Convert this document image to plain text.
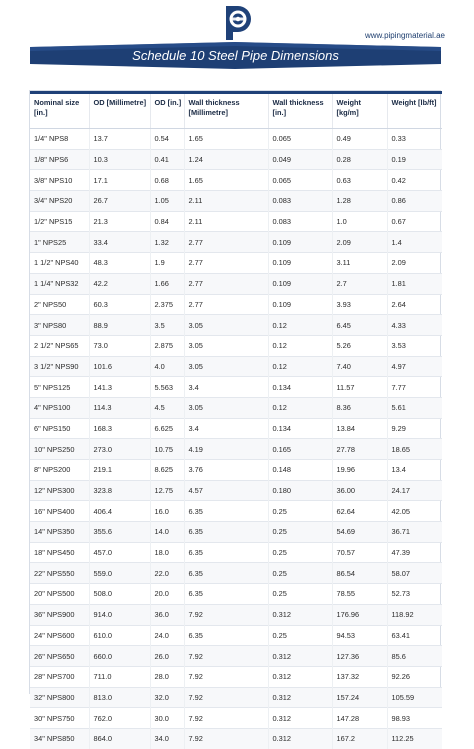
www.pipingmaterial.ae
Schedule 10 Steel Pipe Dimensions
Nominal size [in.]	OD [Millimetre]	OD [in.]	Wall thickness [Millimetre]	Wall thickness [in.]	Weight [kg/m]	Weight [lb/ft]
1/4" NPS8	13.7	0.54	1.65	0.065	0.49	0.33
1/8" NPS6	10.3	0.41	1.24	0.049	0.28	0.19
3/8" NPS10	17.1	0.68	1.65	0.065	0.63	0.42
3/4" NPS20	26.7	1.05	2.11	0.083	1.28	0.86
1/2" NPS15	21.3	0.84	2.11	0.083	1.0	0.67
1" NPS25	33.4	1.32	2.77	0.109	2.09	1.4
1 1/2" NPS40	48.3	1.9	2.77	0.109	3.11	2.09
1 1/4" NPS32	42.2	1.66	2.77	0.109	2.7	1.81
2" NPS50	60.3	2.375	2.77	0.109	3.93	2.64
3" NPS80	88.9	3.5	3.05	0.12	6.45	4.33
2 1/2" NPS65	73.0	2.875	3.05	0.12	5.26	3.53
3 1/2" NPS90	101.6	4.0	3.05	0.12	7.40	4.97
5" NPS125	141.3	5.563	3.4	0.134	11.57	7.77
4" NPS100	114.3	4.5	3.05	0.12	8.36	5.61
6" NPS150	168.3	6.625	3.4	0.134	13.84	9.29
10" NPS250	273.0	10.75	4.19	0.165	27.78	18.65
8" NPS200	219.1	8.625	3.76	0.148	19.96	13.4
12" NPS300	323.8	12.75	4.57	0.180	36.00	24.17
16" NPS400	406.4	16.0	6.35	0.25	62.64	42.05
14" NPS350	355.6	14.0	6.35	0.25	54.69	36.71
18" NPS450	457.0	18.0	6.35	0.25	70.57	47.39
22" NPS550	559.0	22.0	6.35	0.25	86.54	58.07
20" NPS500	508.0	20.0	6.35	0.25	78.55	52.73
36" NPS900	914.0	36.0	7.92	0.312	176.96	118.92
24" NPS600	610.0	24.0	6.35	0.25	94.53	63.41
26" NPS650	660.0	26.0	7.92	0.312	127.36	85.6
28" NPS700	711.0	28.0	7.92	0.312	137.32	92.26
32" NPS800	813.0	32.0	7.92	0.312	157.24	105.59
30" NPS750	762.0	30.0	7.92	0.312	147.28	98.93
34" NPS850	864.0	34.0	7.92	0.312	167.2	112.25
